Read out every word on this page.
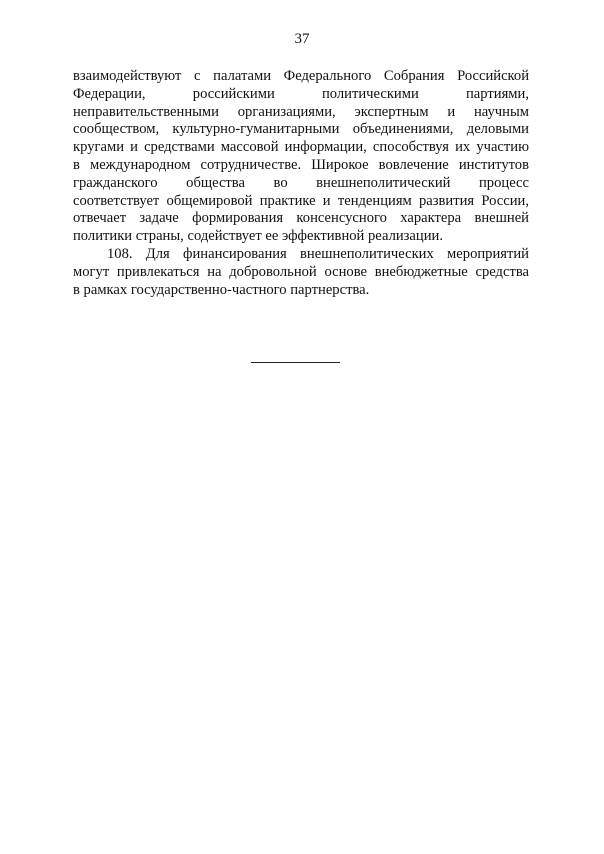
37
взаимодействуют с палатами Федерального Собрания Российской
Федерации, российскими политическими партиями,
неправительственными организациями, экспертным и научным
сообществом, культурно-гуманитарными объединениями, деловыми
кругами и средствами массовой информации, способствуя их участию
в международном сотрудничестве. Широкое вовлечение институтов
гражданского общества во внешнеполитический процесс
соответствует общемировой практике и тенденциям развития России,
отвечает задаче формирования консенсусного характера внешней
политики страны, содействует ее эффективной реализации.
108. Для финансирования внешнеполитических мероприятий
могут привлекаться на добровольной основе внебюджетные средства
в рамках государственно-частного партнерства.
